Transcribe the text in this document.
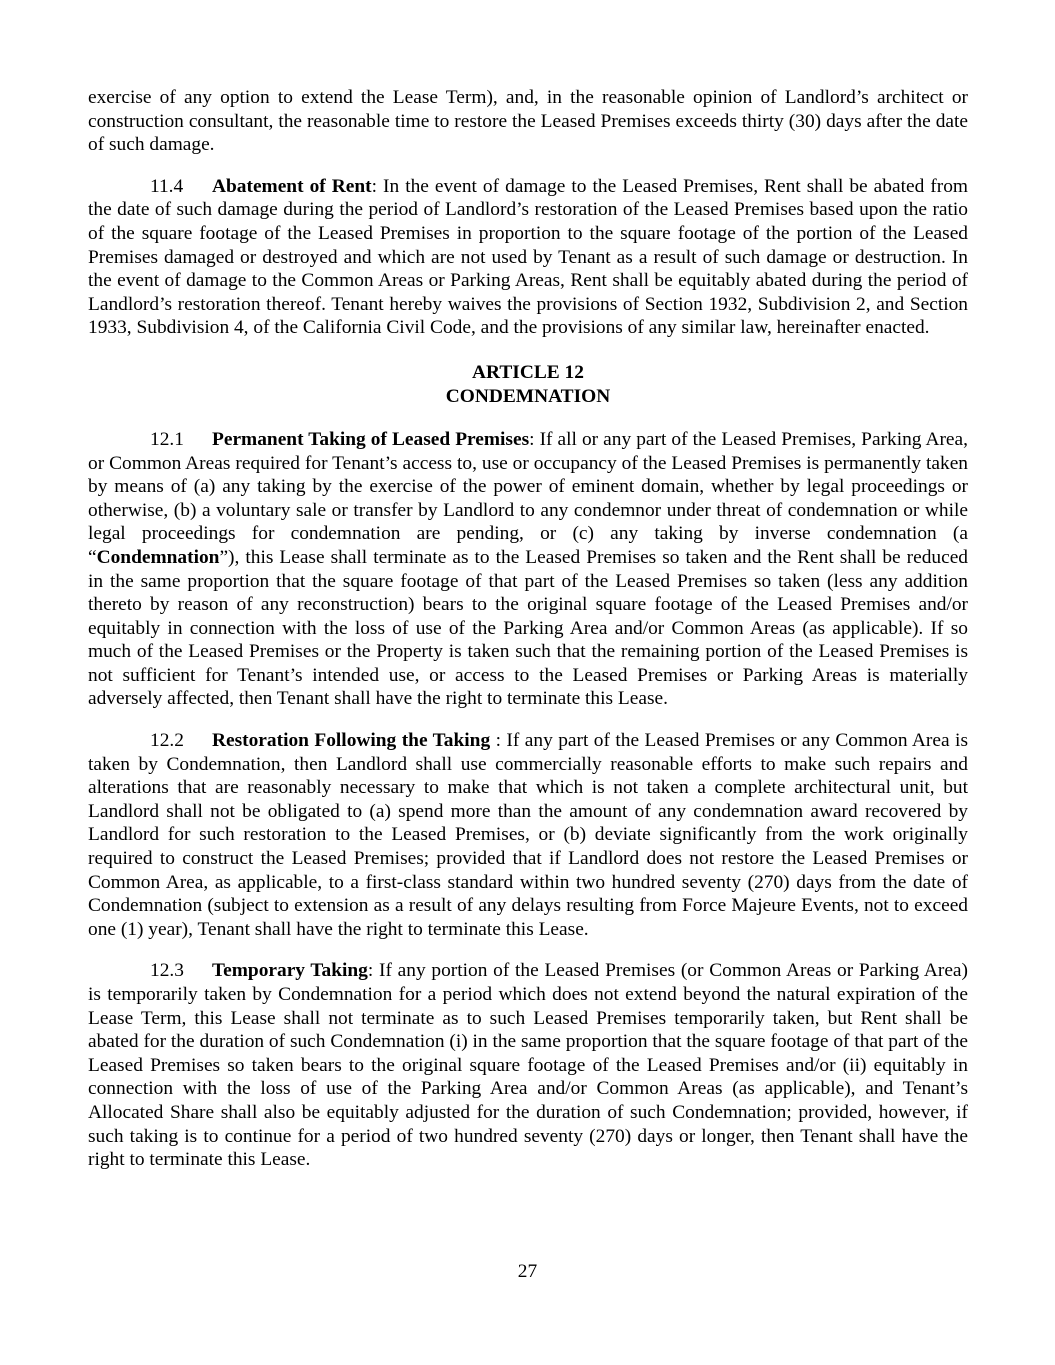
exercise of any option to extend the Lease Term), and, in the reasonable opinion of Landlord’s architect or construction consultant, the reasonable time to restore the Leased Premises exceeds thirty (30) days after the date of such damage.

11.4 Abatement of Rent: In the event of damage to the Leased Premises, Rent shall be abated from the date of such damage during the period of Landlord’s restoration of the Leased Premises based upon the ratio of the square footage of the Leased Premises in proportion to the square footage of the portion of the Leased Premises damaged or destroyed and which are not used by Tenant as a result of such damage or destruction. In the event of damage to the Common Areas or Parking Areas, Rent shall be equitably abated during the period of Landlord’s restoration thereof. Tenant hereby waives the provisions of Section 1932, Subdivision 2, and Section 1933, Subdivision 4, of the California Civil Code, and the provisions of any similar law, hereinafter enacted.

ARTICLE 12
CONDEMNATION

12.1 Permanent Taking of Leased Premises: If all or any part of the Leased Premises, Parking Area, or Common Areas required for Tenant’s access to, use or occupancy of the Leased Premises is permanently taken by means of (a) any taking by the exercise of the power of eminent domain, whether by legal proceedings or otherwise, (b) a voluntary sale or transfer by Landlord to any condemnor under threat of condemnation or while legal proceedings for condemnation are pending, or (c) any taking by inverse condemnation (a “Condemnation”), this Lease shall terminate as to the Leased Premises so taken and the Rent shall be reduced in the same proportion that the square footage of that part of the Leased Premises so taken (less any addition thereto by reason of any reconstruction) bears to the original square footage of the Leased Premises and/or equitably in connection with the loss of use of the Parking Area and/or Common Areas (as applicable). If so much of the Leased Premises or the Property is taken such that the remaining portion of the Leased Premises is not sufficient for Tenant’s intended use, or access to the Leased Premises or Parking Areas is materially adversely affected, then Tenant shall have the right to terminate this Lease.

12.2 Restoration Following the Taking : If any part of the Leased Premises or any Common Area is taken by Condemnation, then Landlord shall use commercially reasonable efforts to make such repairs and alterations that are reasonably necessary to make that which is not taken a complete architectural unit, but Landlord shall not be obligated to (a) spend more than the amount of any condemnation award recovered by Landlord for such restoration to the Leased Premises, or (b) deviate significantly from the work originally required to construct the Leased Premises; provided that if Landlord does not restore the Leased Premises or Common Area, as applicable, to a first-class standard within two hundred seventy (270) days from the date of Condemnation (subject to extension as a result of any delays resulting from Force Majeure Events, not to exceed one (1) year), Tenant shall have the right to terminate this Lease.

12.3 Temporary Taking: If any portion of the Leased Premises (or Common Areas or Parking Area) is temporarily taken by Condemnation for a period which does not extend beyond the natural expiration of the Lease Term, this Lease shall not terminate as to such Leased Premises temporarily taken, but Rent shall be abated for the duration of such Condemnation (i) in the same proportion that the square footage of that part of the Leased Premises so taken bears to the original square footage of the Leased Premises and/or (ii) equitably in connection with the loss of use of the Parking Area and/or Common Areas (as applicable), and Tenant’s Allocated Share shall also be equitably adjusted for the duration of such Condemnation; provided, however, if such taking is to continue for a period of two hundred seventy (270) days or longer, then Tenant shall have the right to terminate this Lease.

27
